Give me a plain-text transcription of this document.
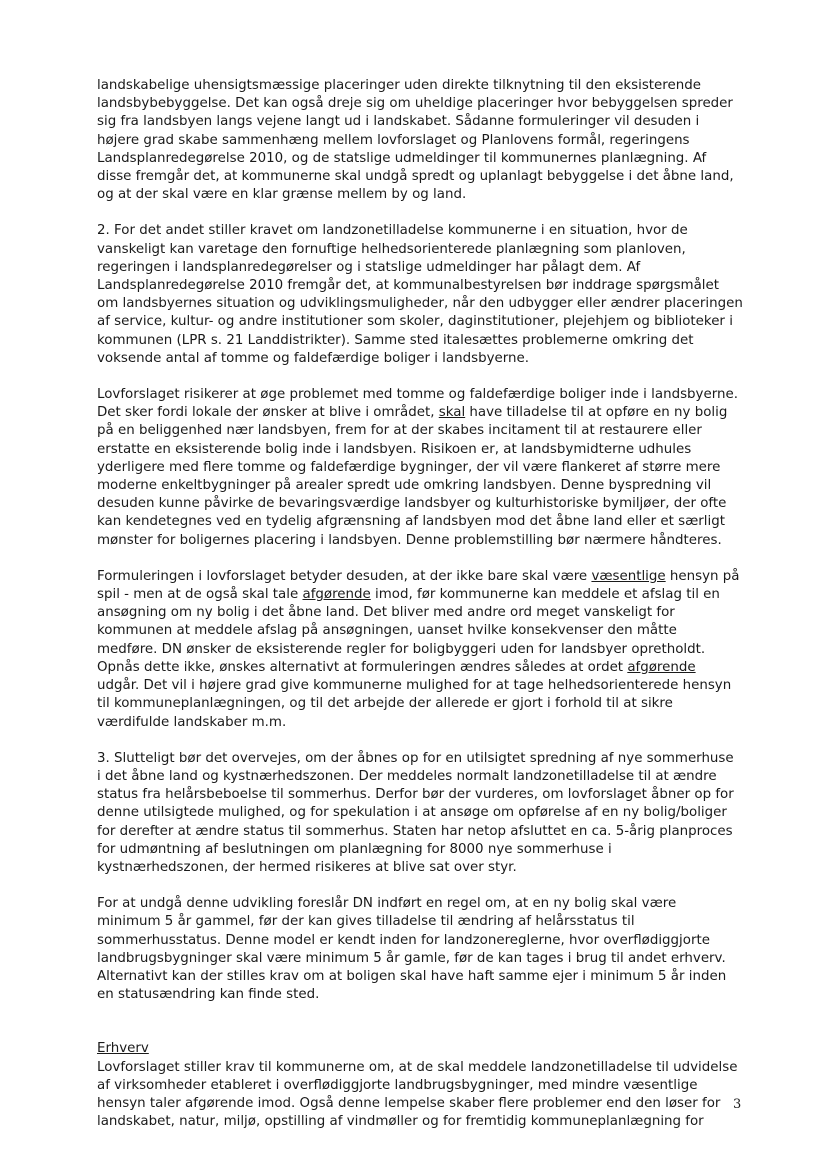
landskabelige uhensigtsmæssige placeringer uden direkte tilknytning til den eksisterende
landsbybebyggelse. Det kan også dreje sig om uheldige placeringer hvor bebyggelsen spreder
sig fra landsbyen langs vejene langt ud i landskabet. Sådanne formuleringer vil desuden i
højere grad skabe sammenhæng mellem lovforslaget og Planlovens formål, regeringens
Landsplanredegørelse 2010, og de statslige udmeldinger til kommunernes planlægning. Af
disse fremgår det, at kommunerne skal undgå spredt og uplanlagt bebyggelse i det åbne land,
og at der skal være en klar grænse mellem by og land.

2. For det andet stiller kravet om landzonetilladelse kommunerne i en situation, hvor de
vanskeligt kan varetage den fornuftige helhedsorienterede planlægning som planloven,
regeringen i landsplanredegørelser og i statslige udmeldinger har pålagt dem. Af
Landsplanredegørelse 2010 fremgår det, at kommunalbestyrelsen bør inddrage spørgsmålet
om landsbyernes situation og udviklingsmuligheder, når den udbygger eller ændrer placeringen
af service, kultur- og andre institutioner som skoler, daginstitutioner, plejehjem og biblioteker i
kommunen (LPR s. 21 Landdistrikter). Samme sted italesættes problemerne omkring det
voksende antal af tomme og faldefærdige boliger i landsbyerne.

Lovforslaget risikerer at øge problemet med tomme og faldefærdige boliger inde i landsbyerne.
Det sker fordi lokale der ønsker at blive i området, skal have tilladelse til at opføre en ny bolig
på en beliggenhed nær landsbyen, frem for at der skabes incitament til at restaurere eller
erstatte en eksisterende bolig inde i landsbyen. Risikoen er, at landsbymidterne udhules
yderligere med flere tomme og faldefærdige bygninger, der vil være flankeret af større mere
moderne enkeltbygninger på arealer spredt ude omkring landsbyen. Denne byspredning vil
desuden kunne påvirke de bevaringsværdige landsbyer og kulturhistoriske bymiljøer, der ofte
kan kendetegnes ved en tydelig afgrænsning af landsbyen mod det åbne land eller et særligt
mønster for boligernes placering i landsbyen. Denne problemstilling bør nærmere håndteres.

Formuleringen i lovforslaget betyder desuden, at der ikke bare skal være væsentlige hensyn på
spil - men at de også skal tale afgørende imod, før kommunerne kan meddele et afslag til en
ansøgning om ny bolig i det åbne land. Det bliver med andre ord meget vanskeligt for
kommunen at meddele afslag på ansøgningen, uanset hvilke konsekvenser den måtte
medføre. DN ønsker de eksisterende regler for boligbyggeri uden for landsbyer opretholdt.
Opnås dette ikke, ønskes alternativt at formuleringen ændres således at ordet afgørende
udgår. Det vil i højere grad give kommunerne mulighed for at tage helhedsorienterede hensyn
til kommuneplanlægningen, og til det arbejde der allerede er gjort i forhold til at sikre
værdifulde landskaber m.m.

3. Slutteligt bør det overvejes, om der åbnes op for en utilsigtet spredning af nye sommerhuse
i det åbne land og kystnærhedszonen. Der meddeles normalt landzonetilladelse til at ændre
status fra helårsbeboelse til sommerhus. Derfor bør der vurderes, om lovforslaget åbner op for
denne utilsigtede mulighed, og for spekulation i at ansøge om opførelse af en ny bolig/boliger
for derefter at ændre status til sommerhus. Staten har netop afsluttet en ca. 5-årig planproces
for udmøntning af beslutningen om planlægning for 8000 nye sommerhuse i
kystnærhedszonen, der hermed risikeres at blive sat over styr.

For at undgå denne udvikling foreslår DN indført en regel om, at en ny bolig skal være
minimum 5 år gammel, før der kan gives tilladelse til ændring af helårsstatus til
sommerhusstatus. Denne model er kendt inden for landzonereglerne, hvor overflødiggjorte
landbrugsbygninger skal være minimum 5 år gamle, før de kan tages i brug til andet erhverv.
Alternativt kan der stilles krav om at boligen skal have haft samme ejer i minimum 5 år inden
en statusændring kan finde sted.

Erhverv

Lovforslaget stiller krav til kommunerne om, at de skal meddele landzonetilladelse til udvidelse
af virksomheder etableret i overflødiggjorte landbrugsbygninger, med mindre væsentlige
hensyn taler afgørende imod. Også denne lempelse skaber flere problemer end den løser for
landskabet, natur, miljø, opstilling af vindmøller og for fremtidig kommuneplanlægning for

3
